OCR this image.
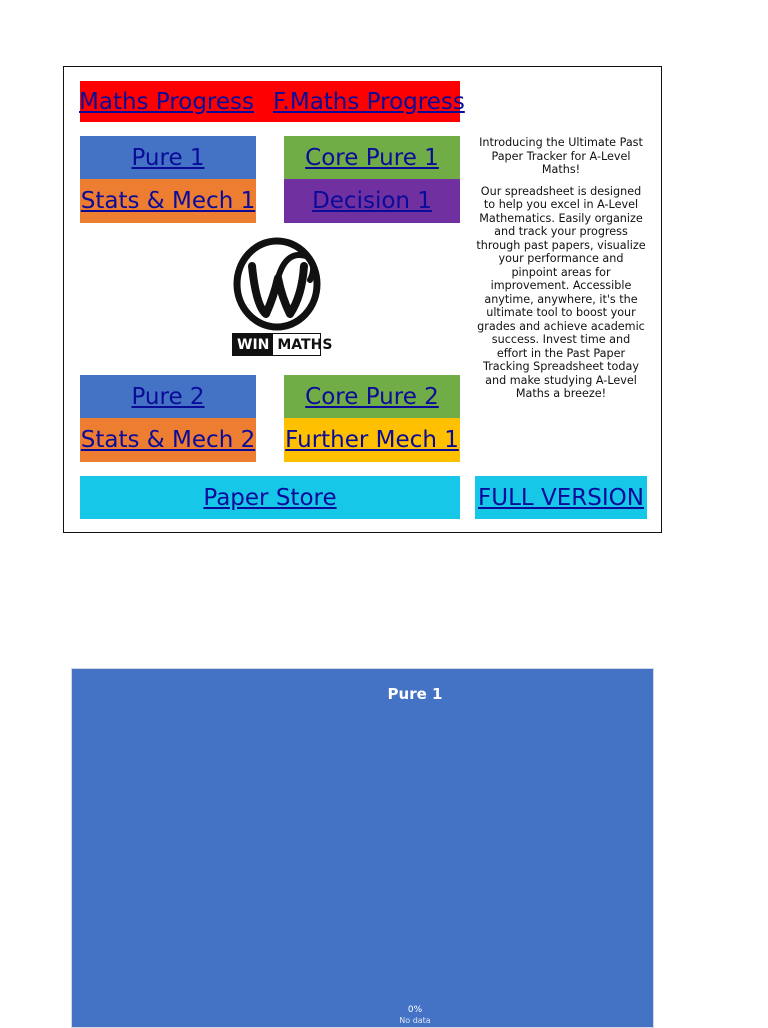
Maths Progress F.Maths Progress
Pure 1	Core Pure 1
Stats & Mech 1 Decision 1
WIN MATHS

Introducing the Ultimate Past Paper Tracker for A-Level Maths!

Our spreadsheet is designed to help you excel in A-Level Mathematics. Easily organize and track your progress through past papers, visualize your performance and pinpoint areas for improvement. Accessible anytime, anywhere, it's the ultimate tool to boost your grades and achieve academic success. Invest time and effort in the Past Paper Tracking Spreadsheet today and make studying A-Level Maths a breeze!

Pure 2	Core Pure 2
Stats & Mech 2 Further Mech 1
Paper Store	FULL VERSION
Pure 1
0%
No data
